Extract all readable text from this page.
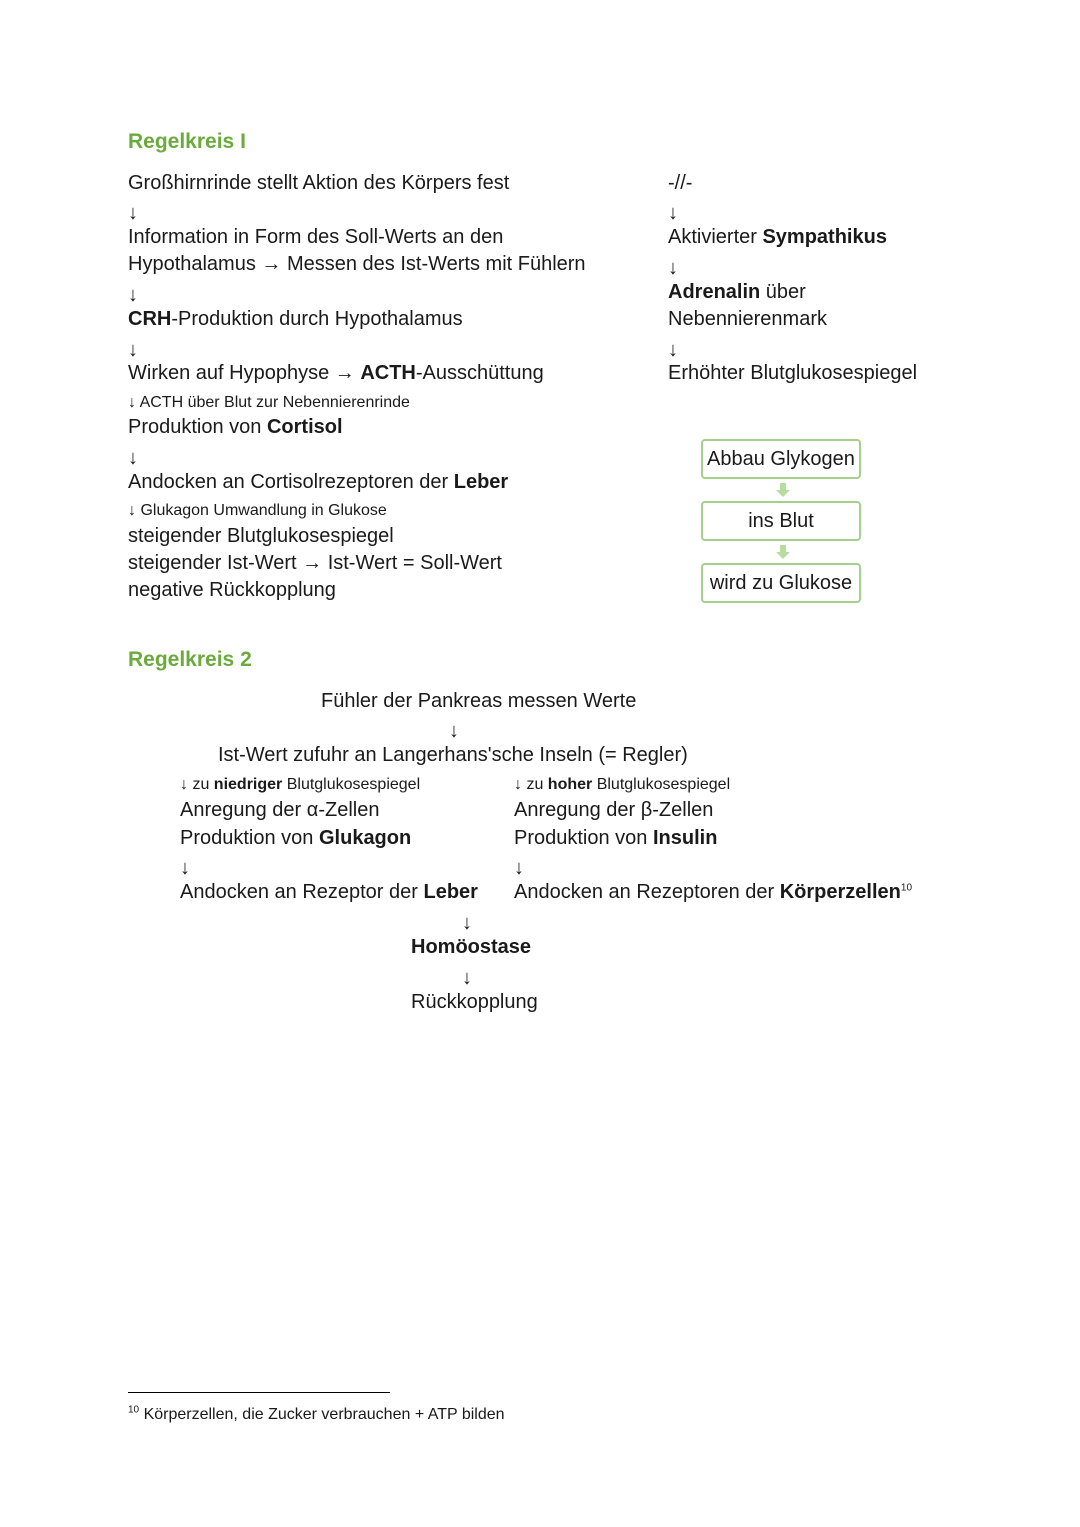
Regelkreis I
Großhirnrinde stellt Aktion des Körpers fest
↓
Information in Form des Soll-Werts an den
Hypothalamus → Messen des Ist-Werts mit Fühlern
↓
CRH-Produktion durch Hypothalamus
↓
Wirken auf Hypophyse → ACTH-Ausschüttung
↓ ACTH über Blut zur Nebennierenrinde
Produktion von Cortisol
↓
Andocken an Cortisolrezeptoren der Leber
↓ Glukagon Umwandlung in Glukose
steigender Blutglukosespiegel
steigender Ist-Wert → Ist-Wert = Soll-Wert
negative Rückkopplung
-//-
↓
Aktivierter Sympathikus
↓
Adrenalin über
Nebennierenmark
↓
Erhöhter Blutglukosespiegel
Abbau Glykogen
ins Blut
wird zu Glukose
Regelkreis 2
Fühler der Pankreas messen Werte
↓
Ist-Wert zufuhr an Langerhans'sche Inseln (= Regler)
↓ zu niedriger Blutglukosespiegel
Anregung der α-Zellen
Produktion von Glukagon
↓
Andocken an Rezeptor der Leber
↓ zu hoher Blutglukosespiegel
Anregung der β-Zellen
Produktion von Insulin
↓
Andocken an Rezeptoren der Körperzellen$^{10}$
↓
Homöostase
↓
Rückkopplung
$^{10}$ Körperzellen, die Zucker verbrauchen + ATP bilden
